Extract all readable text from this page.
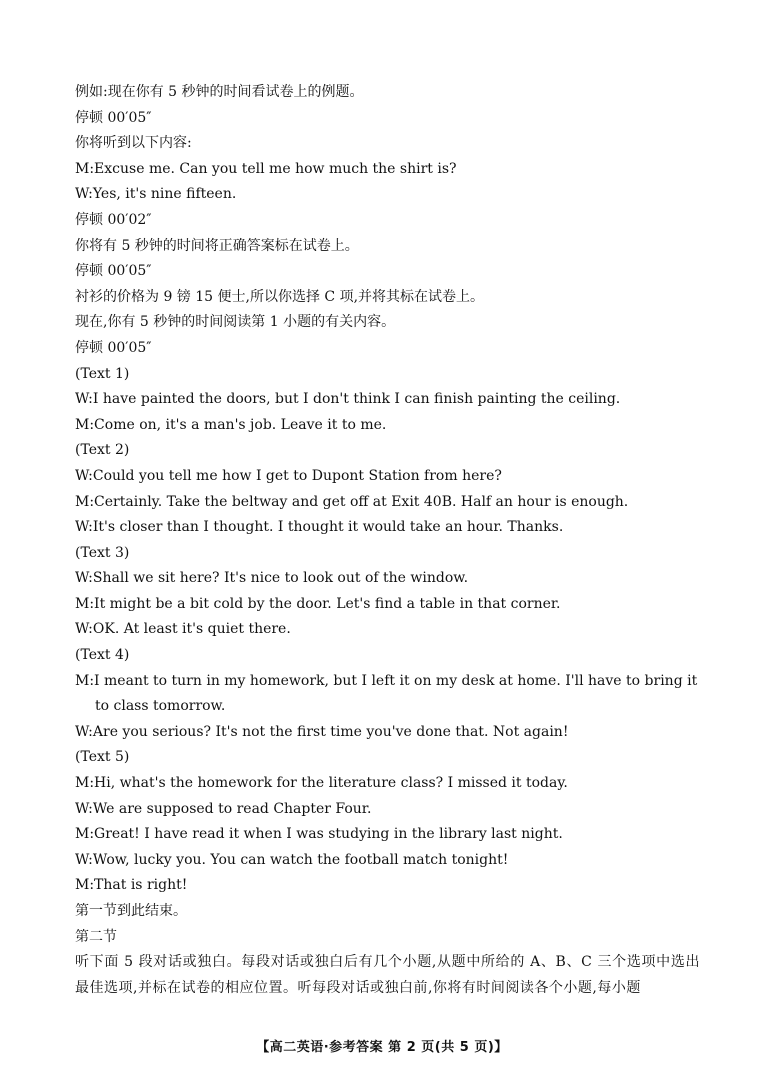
例如:现在你有 5 秒钟的时间看试卷上的例题。
停顿 00′05″
你将听到以下内容:
M:Excuse me. Can you tell me how much the shirt is?
W:Yes, it's nine fifteen.
停顿 00′02″
你将有 5 秒钟的时间将正确答案标在试卷上。
停顿 00′05″
衬衫的价格为 9 镑 15 便士,所以你选择 C 项,并将其标在试卷上。
现在,你有 5 秒钟的时间阅读第 1 小题的有关内容。
停顿 00′05″
(Text 1)
W:I have painted the doors, but I don't think I can finish painting the ceiling.
M:Come on, it's a man's job. Leave it to me.
(Text 2)
W:Could you tell me how I get to Dupont Station from here?
M:Certainly. Take the beltway and get off at Exit 40B. Half an hour is enough.
W:It's closer than I thought. I thought it would take an hour. Thanks.
(Text 3)
W:Shall we sit here? It's nice to look out of the window.
M:It might be a bit cold by the door. Let's find a table in that corner.
W:OK. At least it's quiet there.
(Text 4)
M:I meant to turn in my homework, but I left it on my desk at home. I'll have to bring it to class tomorrow.
W:Are you serious? It's not the first time you've done that. Not again!
(Text 5)
M:Hi, what's the homework for the literature class? I missed it today.
W:We are supposed to read Chapter Four.
M:Great! I have read it when I was studying in the library last night.
W:Wow, lucky you. You can watch the football match tonight!
M:That is right!
第一节到此结束。
第二节
听下面 5 段对话或独白。每段对话或独白后有几个小题,从题中所给的 A、B、C 三个选项中选出最佳选项,并标在试卷的相应位置。听每段对话或独白前,你将有时间阅读各个小题,每小题
【高二英语·参考答案 第 2 页(共 5 页)】
